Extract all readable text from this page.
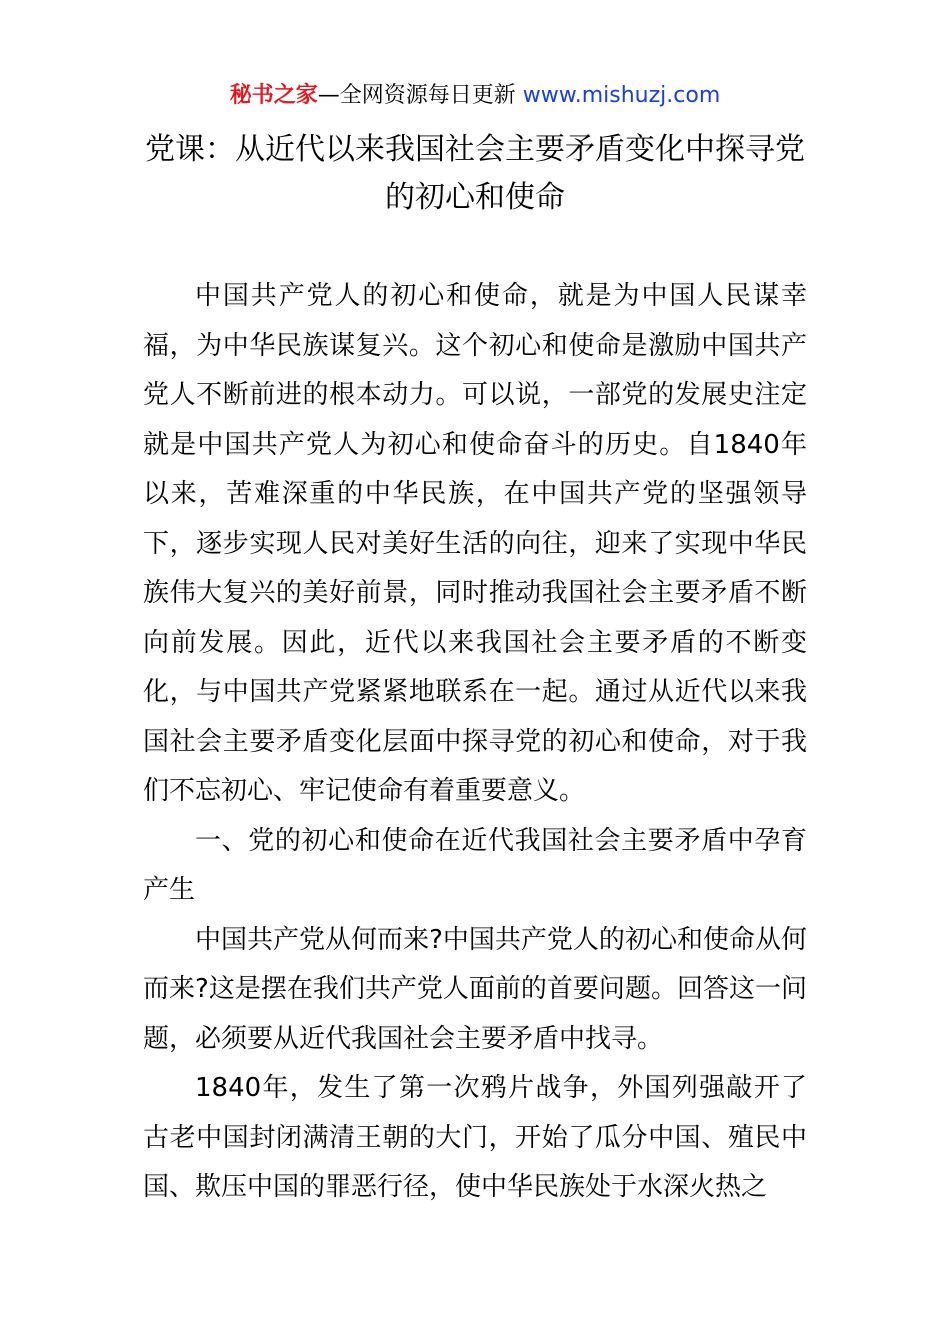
秘书之家—全网资源每日更新 www.mishuzj.com
党课：从近代以来我国社会主要矛盾变化中探寻党的初心和使命

中国共产党人的初心和使命，就是为中国人民谋幸福，为中华民族谋复兴。这个初心和使命是激励中国共产党人不断前进的根本动力。可以说，一部党的发展史注定就是中国共产党人为初心和使命奋斗的历史。自1840年以来，苦难深重的中华民族，在中国共产党的坚强领导下，逐步实现人民对美好生活的向往，迎来了实现中华民族伟大复兴的美好前景，同时推动我国社会主要矛盾不断向前发展。因此，近代以来我国社会主要矛盾的不断变化，与中国共产党紧紧地联系在一起。通过从近代以来我国社会主要矛盾变化层面中探寻党的初心和使命，对于我们不忘初心、牢记使命有着重要意义。

一、党的初心和使命在近代我国社会主要矛盾中孕育产生

中国共产党从何而来?中国共产党人的初心和使命从何而来?这是摆在我们共产党人面前的首要问题。回答这一问题，必须要从近代我国社会主要矛盾中找寻。

1840年，发生了第一次鸦片战争，外国列强敲开了古老中国封闭满清王朝的大门，开始了瓜分中国、殖民中国、欺压中国的罪恶行径，使中华民族处于水深火热之
